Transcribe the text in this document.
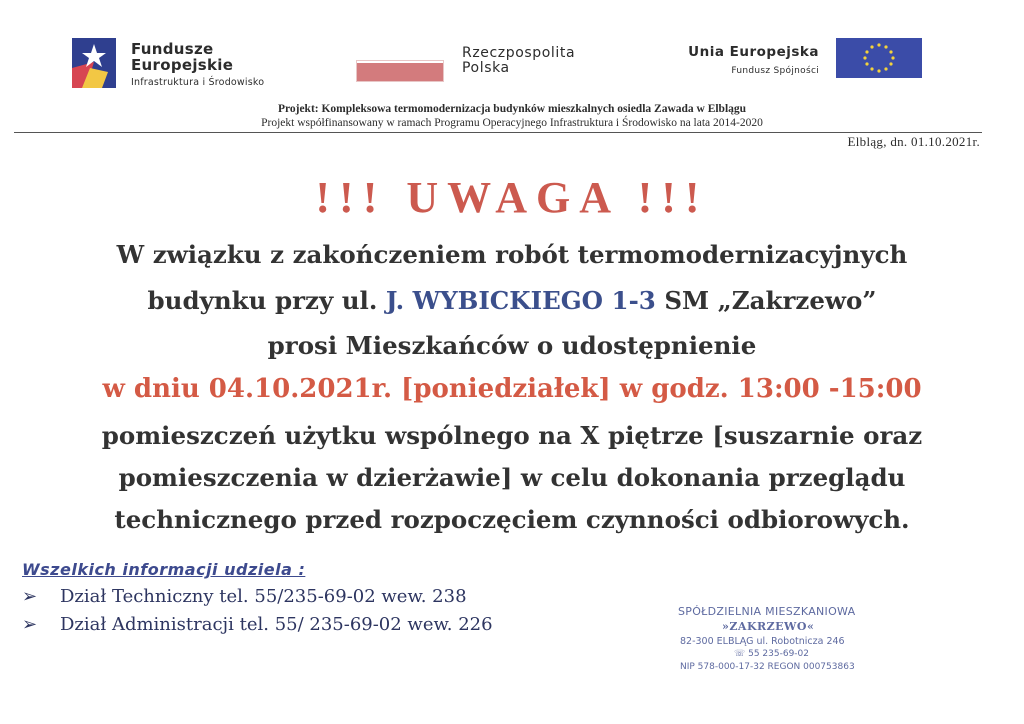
Fundusze
Europejskie
Infrastruktura i Środowisko
Rzeczpospolita
Polska
Unia Europejska
Fundusz Spójności
Projekt: Kompleksowa termomodernizacja budynków mieszkalnych osiedla Zawada w Elblągu
Projekt współfinansowany w ramach Programu Operacyjnego Infrastruktura i Środowisko na lata 2014-2020
Elbląg, dn. 01.10.2021r.
!!! UWAGA !!!
W związku z zakończeniem robót termomodernizacyjnych
budynku przy ul. J. WYBICKIEGO 1-3 SM „Zakrzewo”
prosi Mieszkańców o udostępnienie
w dniu 04.10.2021r. [poniedziałek] w godz. 13:00 -15:00
pomieszczeń użytku wspólnego na X piętrze [suszarnie oraz
pomieszczenia w dzierżawie] w celu dokonania przeglądu
technicznego przed rozpoczęciem czynności odbiorowych.
Wszelkich informacji udziela :
➢ Dział Techniczny tel. 55/235-69-02 wew. 238
➢ Dział Administracji tel. 55/ 235-69-02 wew. 226
SPÓŁDZIELNIA MIESZKANIOWA
»ZAKRZEWO«
82-300 ELBLĄG ul. Robotnicza 246
☏ 55 235-69-02
NIP 578-000-17-32 REGON 000753863
